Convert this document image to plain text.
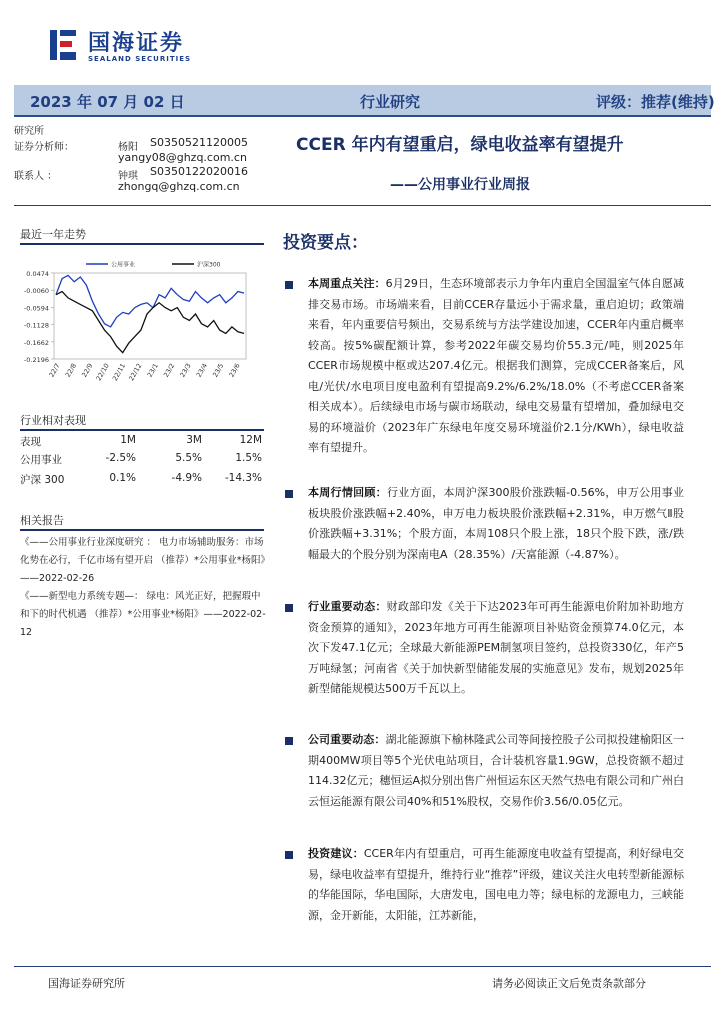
国海证券
SEALAND SECURITIES
2023 年 07 月 02 日	行业研究	评级：推荐(维持)
研究所
证券分析师：	杨阳 S0350521120005
yangy08@ghzq.com.cn
联系人 ：	钟琪 S0350122020016
zhongq@ghzq.com.cn
CCER 年内有望重启，绿电收益率有望提升
——公用事业行业周报
最近一年走势
0.0474
-0.0060
-0.0594
-0.1128
-0.1662
-0.2196
22/7 22/8 22/9 22/10 22/11 22/12 23/1 23/2 23/3 23/4 23/5 23/6
公用事业	沪深300
行业相对表现
表现	1M	3M	12M
公用事业	-2.5%	5.5%	1.5%
沪深 300	0.1%	-4.9% -14.3%
相关报告
《——公用事业行业深度研究 ： 电力市场辅助服务：市场化势在必行，千亿市场有望开启 （推荐）*公用事业*杨阳》——2022-02-26
《——新型电力系统专题—： 绿电：风光正好，把握瑕中和下的时代机遇 （推荐）*公用事业*杨阳》——2022-02-12
投资要点：
本周重点关注：6月29日，生态环境部表示力争年内重启全国温室气体自愿减排交易市场。市场端来看，目前CCER存量远小于需求量，重启迫切；政策端来看，年内重要信号频出，交易系统与方法学建设加速，CCER年内重启概率较高。按5%碳配额计算，参考2022年碳交易均价55.3元/吨，则2025年CCER市场规模中枢或达207.4亿元。根据我们测算，完成CCER备案后，风电/光伏/水电项目度电盈利有望提高9.2%/6.2%/18.0%（不考虑CCER备案相关成本）。后续绿电市场与碳市场联动，绿电交易量有望增加，叠加绿电交易的环境溢价（2023年广东绿电年度交易环境溢价2.1分/KWh），绿电收益率有望提升。
本周行情回顾：行业方面，本周沪深300股价涨跌幅-0.56%，申万公用事业板块股价涨跌幅+2.40%，申万电力板块股价涨跌幅+2.31%，申万燃气Ⅱ股价涨跌幅+3.31%；个股方面，本周108只个股上涨，18只个股下跌，涨/跌幅最大的个股分别为深南电A（28.35%）/天富能源（-4.87%）。
行业重要动态：财政部印发《关于下达2023年可再生能源电价附加补助地方资金预算的通知》，2023年地方可再生能源项目补贴资金预算74.0亿元，本次下发47.1亿元；全球最大新能源PEM制氢项目签约，总投资330亿，年产5万吨绿氢；河南省《关于加快新型储能发展的实施意见》发布，规划2025年新型储能规模达500万千瓦以上。
公司重要动态：湖北能源旗下榆林隆武公司等间接控股子公司拟投建榆阳区一期400MW项目等5个光伏电站项目，合计装机容量1.9GW，总投资额不超过114.32亿元；穗恒运A拟分别出售广州恒运东区天然气热电有限公司和广州白云恒运能源有限公司40%和51%股权，交易作价3.56/0.05亿元。
投资建议：CCER年内有望重启，可再生能源度电收益有望提高，利好绿电交易，绿电收益率有望提升，维持行业“推荐”评级，建议关注火电转型新能源标的华能国际，华电国际，大唐发电，国电电力等；绿电标的龙源电力，三峡能源，金开新能，太阳能，江苏新能，
国海证券研究所	请务必阅读正文后免责条款部分
